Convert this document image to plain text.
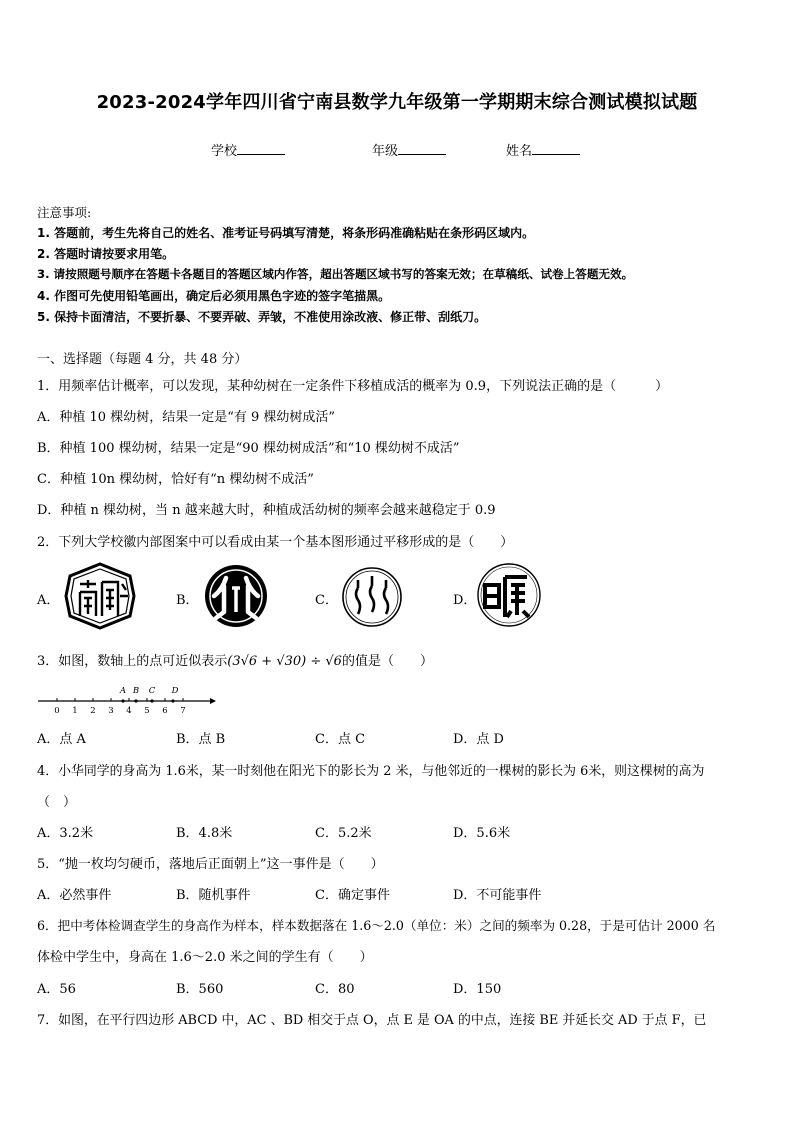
2023-2024学年四川省宁南县数学九年级第一学期期末综合测试模拟试题
学校	年级	姓名
注意事项:
1. 答题前，考生先将自己的姓名、准考证号码填写清楚，将条形码准确粘贴在条形码区域内。
2. 答题时请按要求用笔。
3. 请按照题号顺序在答题卡各题目的答题区域内作答，超出答题区域书写的答案无效；在草稿纸、试卷上答题无效。
4. 作图可先使用铅笔画出，确定后必须用黑色字迹的签字笔描黑。
5. 保持卡面清洁，不要折暴、不要弄破、弄皱，不准使用涂改液、修正带、刮纸刀。
一、选择题（每题 4 分，共 48 分）
1．用频率估计概率，可以发现，某种幼树在一定条件下移植成活的概率为 0.9，下列说法正确的是（　　　）
A．种植 10 棵幼树，结果一定是“有 9 棵幼树成活”
B．种植 100 棵幼树，结果一定是“90 棵幼树成活”和“10 棵幼树不成活”
C．种植 10n 棵幼树，恰好有“n 棵幼树不成活”
D．种植 n 棵幼树，当 n 越来越大时，种植成活幼树的频率会越来越稳定于 0.9
2．下列大学校徽内部图案中可以看成由某一个基本图形通过平移形成的是（　　）
A．	B．	C．	D．
3．如图，数轴上的点可近似表示(3√6 + √30) ÷ √6的值是（　　）
0 1 2 3 4 5 6 7
A B C D
A．点 A	B．点 B	C．点 C	D．点 D
4．小华同学的身高为 1.6米，某一时刻他在阳光下的影长为 2 米，与他邻近的一棵树的影长为 6米，则这棵树的高为
（　）
A．3.2米	B．4.8米	C．5.2米	D．5.6米
5．“抛一枚均匀硬币，落地后正面朝上”这一事件是（　　）
A．必然事件	B．随机事件	C．确定事件	D．不可能事件
6．把中考体检调查学生的身高作为样本，样本数据落在 1.6～2.0（单位：米）之间的频率为 0.28，于是可估计 2000 名
体检中学生中，身高在 1.6～2.0 米之间的学生有（　　）
A．56	B．560	C．80	D．150
7．如图，在平行四边形 ABCD 中，AC 、BD 相交于点 O，点 E 是 OA 的中点，连接 BE 并延长交 AD 于点 F，已
